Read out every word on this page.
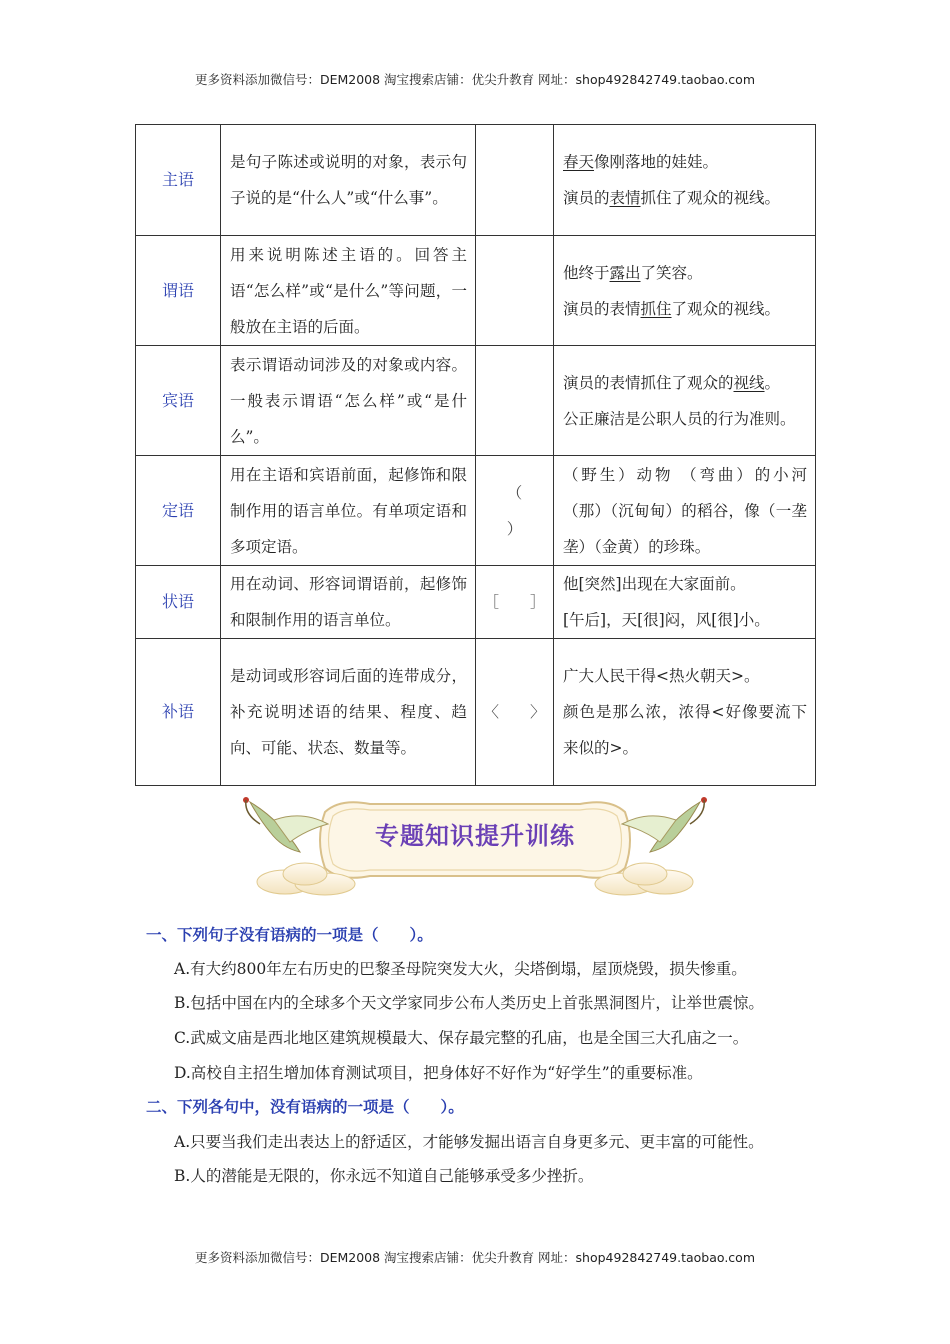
更多资料添加微信号：DEM2008 淘宝搜索店铺：优尖升教育 网址：shop492842749.taobao.com
主语	是句子陈述或说明的对象，表示句子说的是“什么人”或“什么事”。		春天像刚落地的娃娃。
演员的表情抓住了观众的视线。

谓语	用来说明陈述主语的。回答主语“怎么样”或“是什么”等问题，一般放在主语的后面。		他终于露出了笑容。
演员的表情抓住了观众的视线。

宾语	表示谓语动词涉及的对象或内容。一般表示谓语“怎么样”或“是什么”。		演员的表情抓住了观众的视线。
公正廉洁是公职人员的行为准则。

定语	用在主语和宾语前面，起修饰和限制作用的语言单位。有单项定语和多项定语。	（
）	（野生）动物 （弯曲）的小河（那）（沉甸甸）的稻谷，像（一垄垄）（金黄）的珍珠。
状语	用在动词、形容词谓语前，起修饰和限制作用的语言单位。	［　　］	他[突然]出现在大家面前。
[午后]，天[很]闷，风[很]小。

补语	是动词或形容词后面的连带成分，补充说明述语的结果、程度、趋向、可能、状态、数量等。	〈　　〉	广大人民干得<热火朝天>。
颜色是那么浓，浓得<好像要流下来似的>。
专题知识提升训练
一、下列句子没有语病的一项是（　　）。
A.有大约800年左右历史的巴黎圣母院突发大火，尖塔倒塌，屋顶烧毁，损失惨重。
B.包括中国在内的全球多个天文学家同步公布人类历史上首张黑洞图片，让举世震惊。
C.武威文庙是西北地区建筑规模最大、保存最完整的孔庙，也是全国三大孔庙之一。
D.高校自主招生增加体育测试项目，把身体好不好作为“好学生”的重要标准。
二、下列各句中，没有语病的一项是（　　）。
A.只要当我们走出表达上的舒适区，才能够发掘出语言自身更多元、更丰富的可能性。
B.人的潜能是无限的，你永远不知道自己能够承受多少挫折。
更多资料添加微信号：DEM2008 淘宝搜索店铺：优尖升教育 网址：shop492842749.taobao.com
